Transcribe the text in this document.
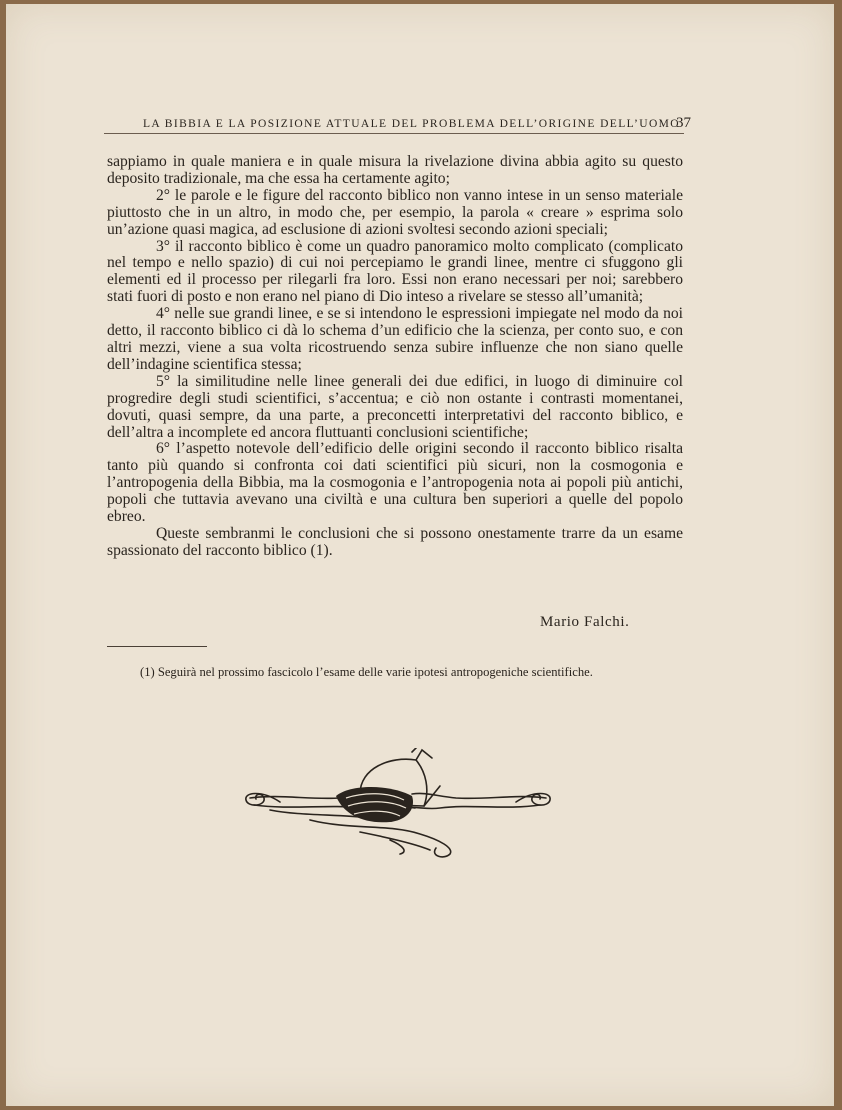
LA BIBBIA E LA POSIZIONE ATTUALE DEL PROBLEMA DELL’ORIGINE DELL’UOMO
37

sappiamo in quale maniera e in quale misura la rivelazione divina abbia agito su questo deposito tradizionale, ma che essa ha certamente agito;

2° le parole e le figure del racconto biblico non vanno intese in un senso materiale piuttosto che in un altro, in modo che, per esempio, la parola « creare » esprima solo un’azione quasi magica, ad esclusione di azioni svoltesi secondo azioni speciali;

3° il racconto biblico è come un quadro panoramico molto complicato (complicato nel tempo e nello spazio) di cui noi percepiamo le grandi linee, mentre ci sfuggono gli elementi ed il processo per rilegarli fra loro. Essi non erano necessari per noi; sarebbero stati fuori di posto e non erano nel piano di Dio inteso a rivelare se stesso all’umanità;

4° nelle sue grandi linee, e se si intendono le espressioni impiegate nel modo da noi detto, il racconto biblico ci dà lo schema d’un edificio che la scienza, per conto suo, e con altri mezzi, viene a sua volta ricostruendo senza subire influenze che non siano quelle dell’indagine scientifica stessa;

5° la similitudine nelle linee generali dei due edifici, in luogo di diminuire col progredire degli studi scientifici, s’accentua; e ciò non ostante i contrasti momentanei, dovuti, quasi sempre, da una parte, a preconcetti interpretativi del racconto biblico, e dell’altra a incomplete ed ancora fluttuanti conclusioni scientifiche;

6° l’aspetto notevole dell’edificio delle origini secondo il racconto biblico risalta tanto più quando si confronta coi dati scientifici più sicuri, non la cosmogonia e l’antropogenia della Bibbia, ma la cosmogonia e l’antropogenia nota ai popoli più antichi, popoli che tuttavia avevano una civiltà e una cultura ben superiori a quelle del popolo ebreo.

Queste sembranmi le conclusioni che si possono onestamente trarre da un esame spassionato del racconto biblico (1).

Mario Falchi.
(1) Seguirà nel prossimo fascicolo l’esame delle varie ipotesi antropogeniche scientifiche.
